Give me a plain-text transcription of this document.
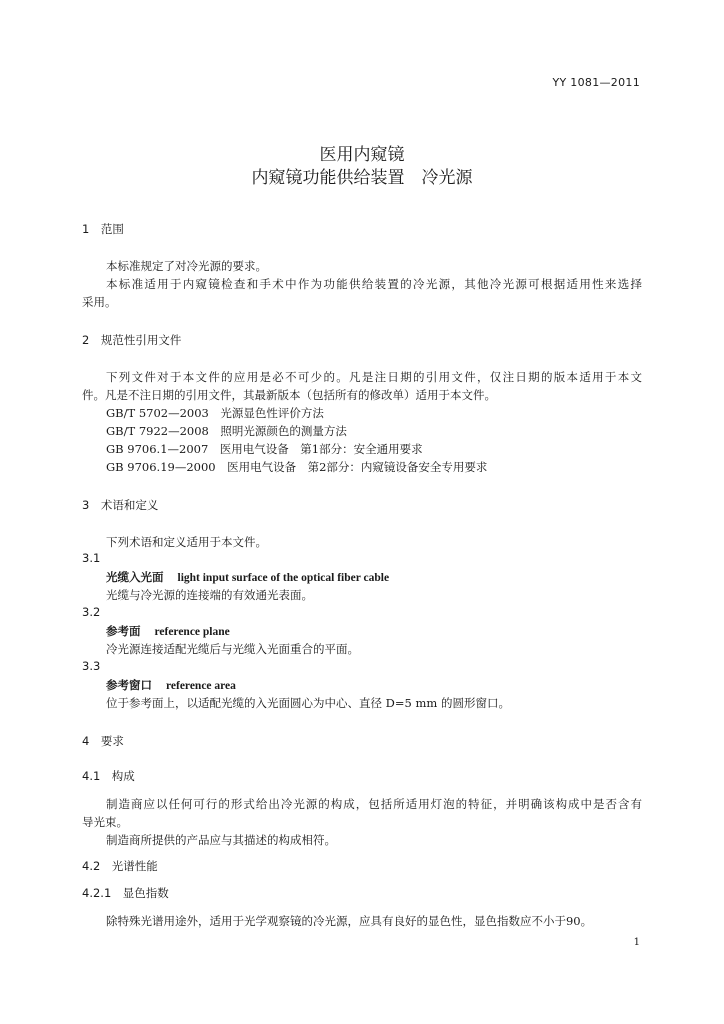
YY 1081—2011
医用内窥镜
内窥镜功能供给装置　冷光源
1　范围
本标准规定了对冷光源的要求。
本标准适用于内窥镜检查和手术中作为功能供给装置的冷光源，其他冷光源可根据适用性来选择
采用。
2　规范性引用文件
下列文件对于本文件的应用是必不可少的。凡是注日期的引用文件，仅注日期的版本适用于本文
件。凡是不注日期的引用文件，其最新版本（包括所有的修改单）适用于本文件。
GB/T 5702—2003　光源显色性评价方法
GB/T 7922—2008　照明光源颜色的测量方法
GB 9706.1—2007　医用电气设备　第1部分：安全通用要求
GB 9706.19—2000　医用电气设备　第2部分：内窥镜设备安全专用要求
3　术语和定义
下列术语和定义适用于本文件。
3.1
光缆入光面 light input surface of the optical fiber cable
光缆与冷光源的连接端的有效通光表面。
3.2
参考面 reference plane
冷光源连接适配光缆后与光缆入光面重合的平面。
3.3
参考窗口 reference area
位于参考面上，以适配光缆的入光面圆心为中心、直径 D=5 mm 的圆形窗口。
4　要求
4.1　构成
制造商应以任何可行的形式给出冷光源的构成，包括所适用灯泡的特征，并明确该构成中是否含有
导光束。
制造商所提供的产品应与其描述的构成相符。
4.2　光谱性能
4.2.1　显色指数
除特殊光谱用途外，适用于光学观察镜的冷光源，应具有良好的显色性，显色指数应不小于90。
1
